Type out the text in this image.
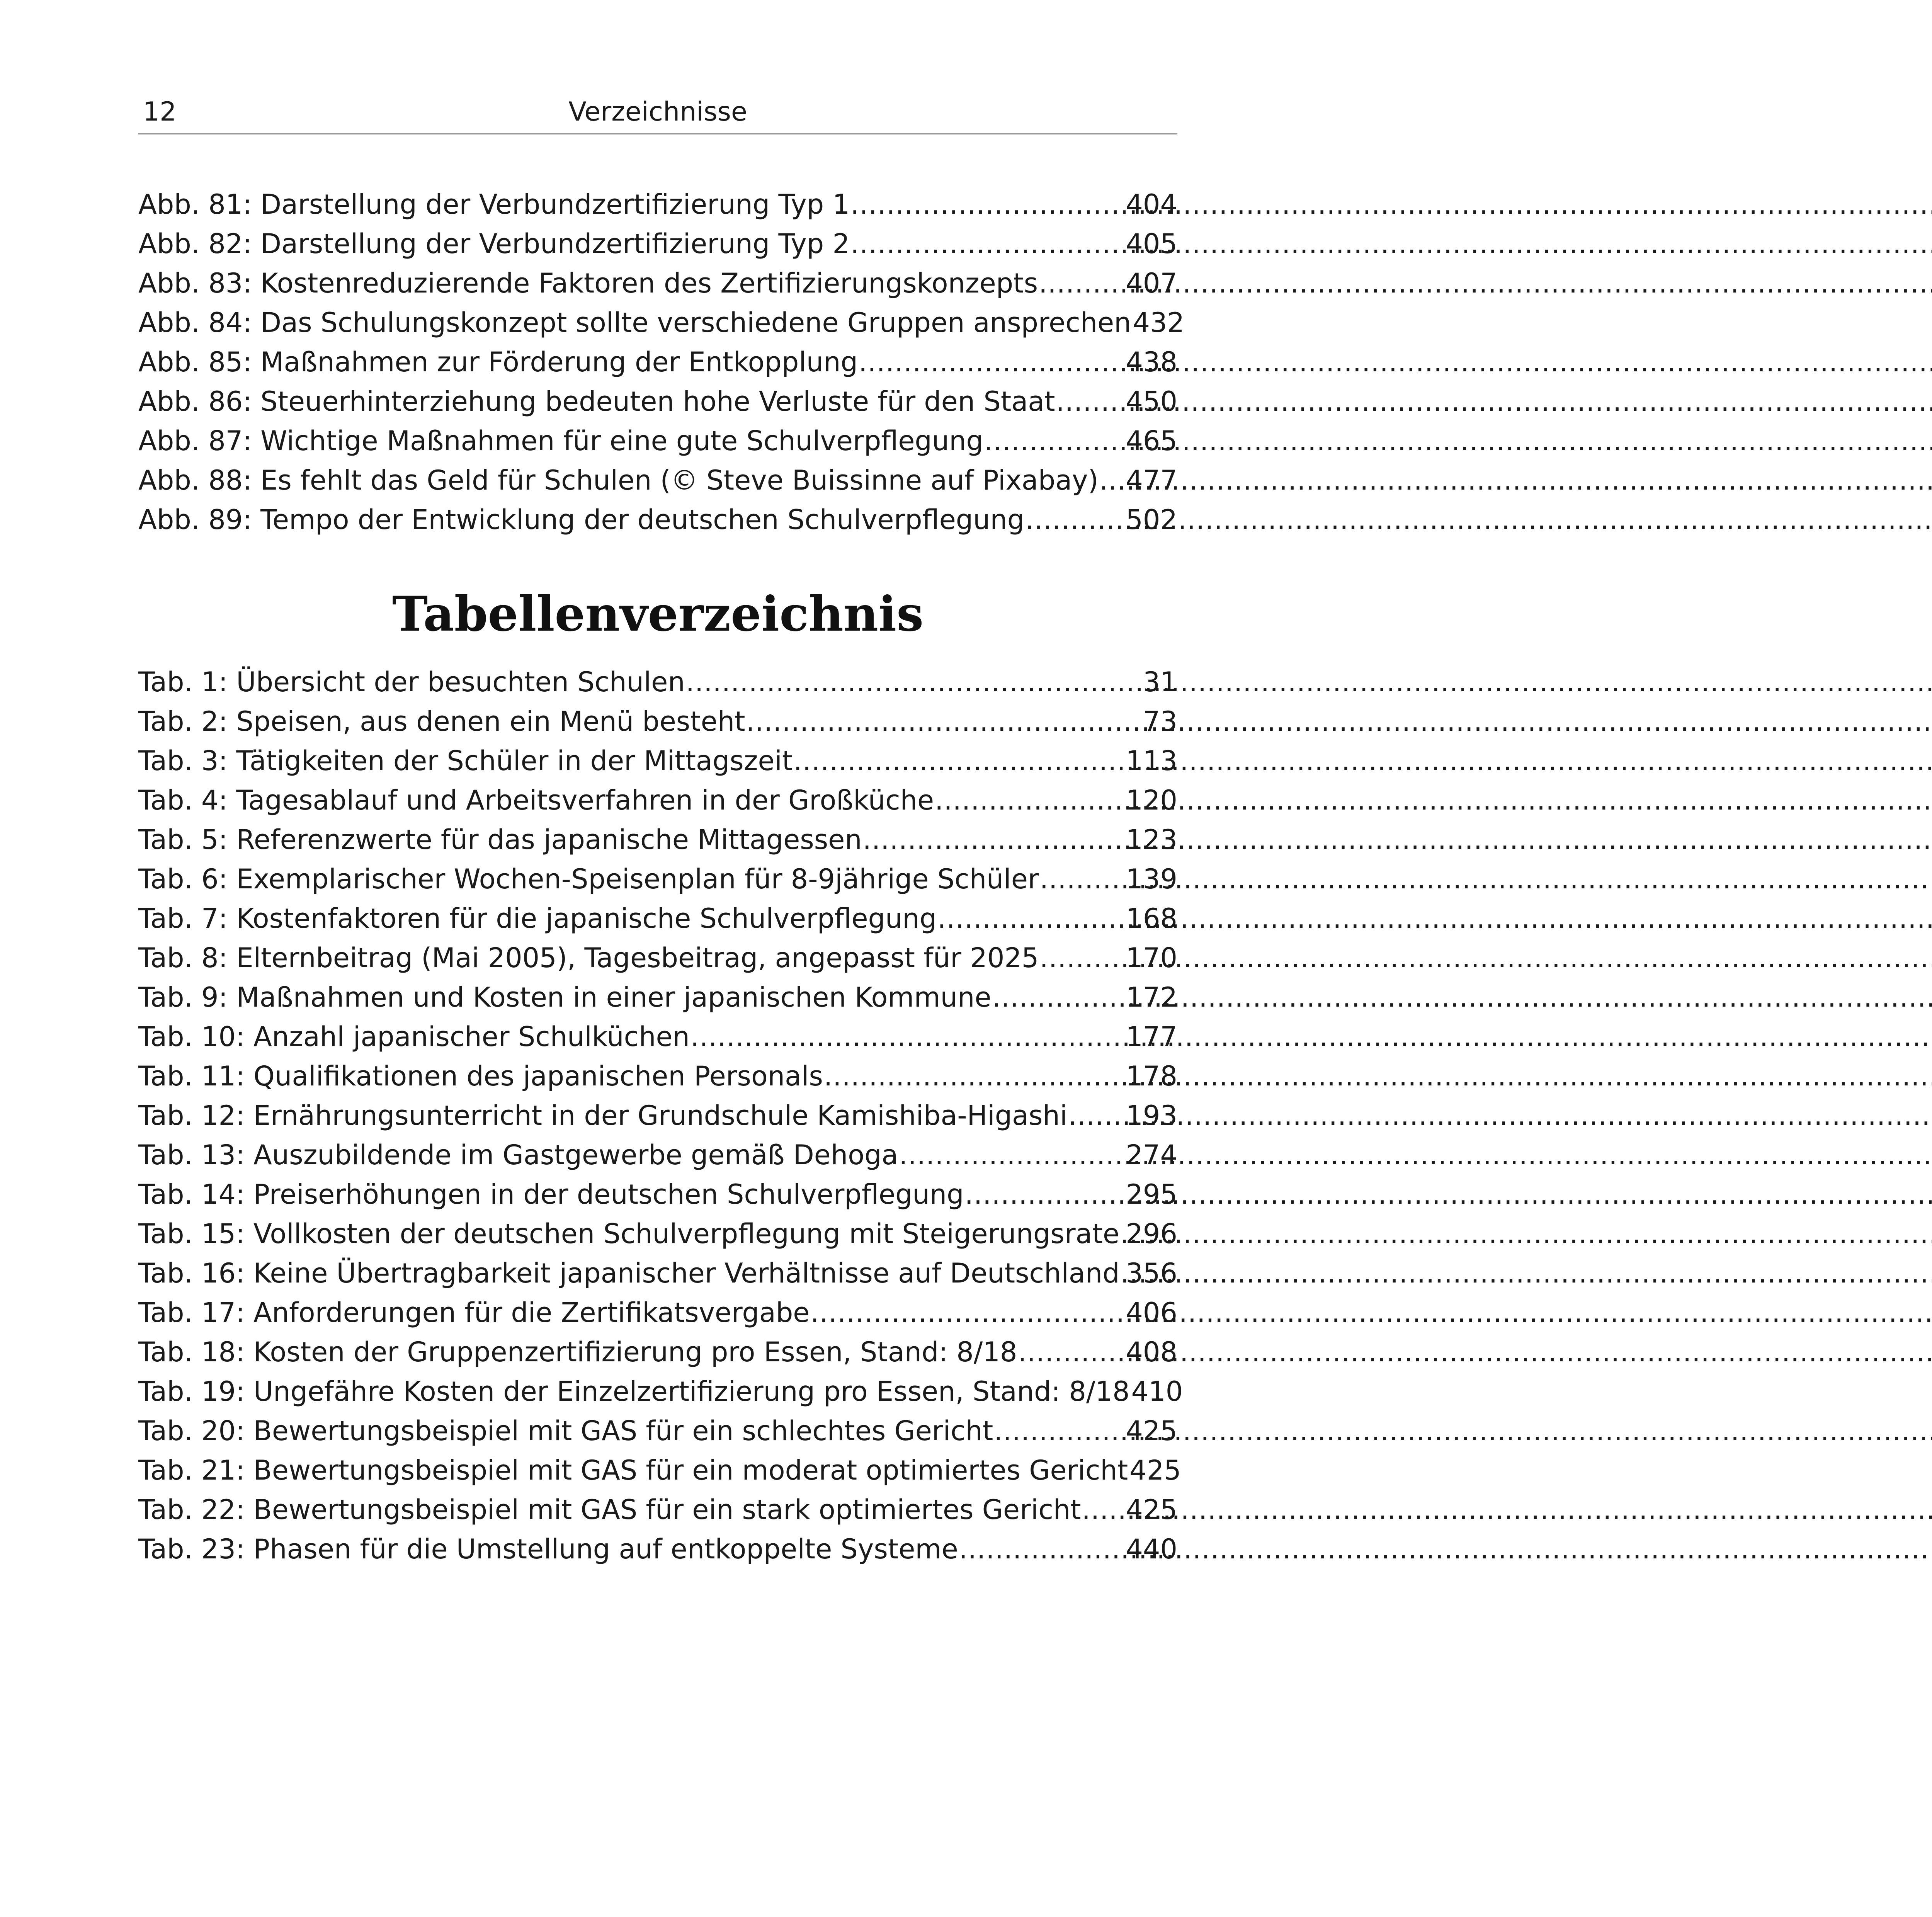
12	Verzeichnisse
Abb. 81: Darstellung der Verbundzertifizierung Typ 1 .....	404
Abb. 82: Darstellung der Verbundzertifizierung Typ 2 .....	405
Abb. 83: Kostenreduzierende Faktoren des Zertifizierungskonzepts .....	407
Abb. 84: Das Schulungskonzept sollte verschiedene Gruppen ansprechen 432
Abb. 85: Maßnahmen zur Förderung der Entkopplung .....	438
Abb. 86: Steuerhinterziehung bedeuten hohe Verluste für den Staat .....	450
Abb. 87: Wichtige Maßnahmen für eine gute Schulverpflegung .....	465
Abb. 88: Es fehlt das Geld für Schulen (© Steve Buissinne auf Pixabay) ..... 477
Abb. 89: Tempo der Entwicklung der deutschen Schulverpflegung .....	502
Tabellenverzeichnis
Tab. 1: Übersicht der besuchten Schulen .....	31
Tab. 2: Speisen, aus denen ein Menü besteht .....	73
Tab. 3: Tätigkeiten der Schüler in der Mittagszeit .....	113
Tab. 4: Tagesablauf und Arbeitsverfahren in der Großküche .....	120
Tab. 5: Referenzwerte für das japanische Mittagessen .....	123
Tab. 6: Exemplarischer Wochen-Speisenplan für 8-9jährige Schüler .....	139
Tab. 7: Kostenfaktoren für die japanische Schulverpflegung .....	168
Tab. 8: Elternbeitrag (Mai 2005), Tagesbeitrag, angepasst für 2025 .....	170
Tab. 9: Maßnahmen und Kosten in einer japanischen Kommune .....	172
Tab. 10: Anzahl japanischer Schulküchen .....	177
Tab. 11: Qualifikationen des japanischen Personals .....	178
Tab. 12: Ernährungsunterricht in der Grundschule Kamishiba-Higashi ..... 193
Tab. 13: Auszubildende im Gastgewerbe gemäß Dehoga .....	274
Tab. 14: Preiserhöhungen in der deutschen Schulverpflegung .....	295
Tab. 15: Vollkosten der deutschen Schulverpflegung mit Steigerungsrate ..... 296
Tab. 16: Keine Übertragbarkeit japanischer Verhältnisse auf Deutschland ..... 356
Tab. 17: Anforderungen für die Zertifikatsvergabe .....	406
Tab. 18: Kosten der Gruppenzertifizierung pro Essen, Stand: 8/18 .....	408
Tab. 19: Ungefähre Kosten der Einzelzertifizierung pro Essen, Stand: 8/18 410
Tab. 20: Bewertungsbeispiel mit GAS für ein schlechtes Gericht .....	425
Tab. 21: Bewertungsbeispiel mit GAS für ein moderat optimiertes Gericht 425
Tab. 22: Bewertungsbeispiel mit GAS für ein stark optimiertes Gericht ..... 425
Tab. 23: Phasen für die Umstellung auf entkoppelte Systeme .....	440
